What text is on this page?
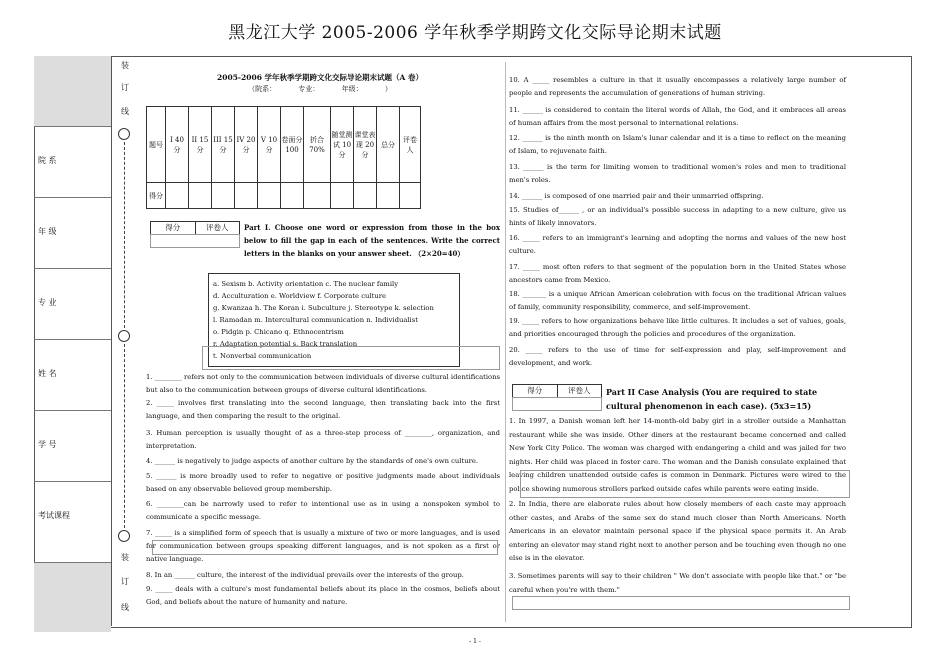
黑龙江大学 2005-2006 学年秋季学期跨文化交际导论期末试题
院 系
年 级
专 业
姓 名
学 号
考试课程
装
订
线
装
订
线
2005-2006 学年秋季学期跨文化交际导论期末试题（A 卷）
（院系：	专业：	年级：	）
题号	I 40 分	II 15 分	III 15 分	IV 20 分	V 10 分	卷面分 100	折合 70%	随堂测试 10 分	课堂表现 20 分	总分	评卷人
得分											
得分	评卷人	Part I. Choose one word or expression from those in the box below to fill the gap in each of the sentences. Write the correct letters in the blanks on your answer sheet. （2×20=40）
a. Sexism b. Activity orientation c. The nuclear family
d. Acculturation e. Worldview f. Corporate culture
g. Kwanzaa h. The Koran i. Subculture j. Stereotype k. selection
l. Ramadan m. Intercultural communication n. Individualist
o. Pidgin p. Chicano q. Ethnocentrism
r. Adaptation potential s. Back translation
t. Nonverbal communication
1. ________ refers not only to the communication between individuals of diverse cultural identifications but also to the communication between groups of diverse cultural identifications.
2. _____ involves first translating into the second language, then translating back into the first language, and then comparing the result to the original.
3. Human perception is usually thought of as a three-step process of ________, organization, and interpretation.
4. ______ is negatively to judge aspects of another culture by the standards of one's own culture.
5. ______ is more broadly used to refer to negative or positive judgments made about individuals based on any observable believed group membership.
6. ________can be narrowly used to refer to intentional use as in using a nonspoken symbol to communicate a specific message.
7. _____ is a simplified form of speech that is usually a mixture of two or more languages, and is used for communication between groups speaking different languages, and is not spoken as a first or native language.
8. In an ______ culture, the interest of the individual prevails over the interests of the group.
9. _____ deals with a culture's most fundamental beliefs about its place in the cosmos, beliefs about God, and beliefs about the nature of humanity and nature.
10. A _____ resembles a culture in that it usually encompasses a relatively large number of people and represents the accumulation of generations of human striving.
11. ______ is considered to contain the literal words of Allah, the God, and it embraces all areas of human affairs from the most personal to international relations.
12. ______ is the ninth month on Islam's lunar calendar and it is a time to reflect on the meaning of Islam, to rejuvenate faith.
13. ______ is the term for limiting women to traditional women's roles and men to traditional men's roles.
14. ______ is composed of one married pair and their unmarried offspring.
15. Studies of______ , or an individual's possible success in adapting to a new culture, give us hints of likely innovators.
16. _____ refers to an immigrant's learning and adopting the norms and values of the new host culture.
17. _____ most often refers to that segment of the population born in the United States whose ancestors came from Mexico.
18. _______ is a unique African American celebration with focus on the traditional African values of family, community responsibility, commerce, and self-improvement.
19. _____ refers to how organizations behave like little cultures. It includes a set of values, goals, and priorities encouraged through the policies and procedures of the organization.
20. _____ refers to the use of time for self-expression and play, self-improvement and development, and work.
得分	评卷人	Part II Case Analysis (You are required to state cultural phenomenon in each case). (5x3=15)
1. In 1997, a Danish woman left her 14-month-old baby girl in a stroller outside a Manhattan restaurant while she was inside. Other diners at the restaurant became concerned and called New York City Police. The woman was charged with endangering a child and was jailed for two nights. Her child was placed in foster care. The woman and the Danish consulate explained that leaving children unattended outside cafes is common in Denmark. Pictures were wired to the police showing numerous strollers parked outside cafes while parents were eating inside.
2. In India, there are elaborate rules about how closely members of each caste may approach other castes, and Arabs of the same sex do stand much closer than North Americans. North Americans in an elevator maintain personal space if the physical space permits it. An Arab entering an elevator may stand right next to another person and be touching even though no one else is in the elevator.
3. Sometimes parents will say to their children " We don't associate with people like that." or "be careful when you're with them."
- 1 -
